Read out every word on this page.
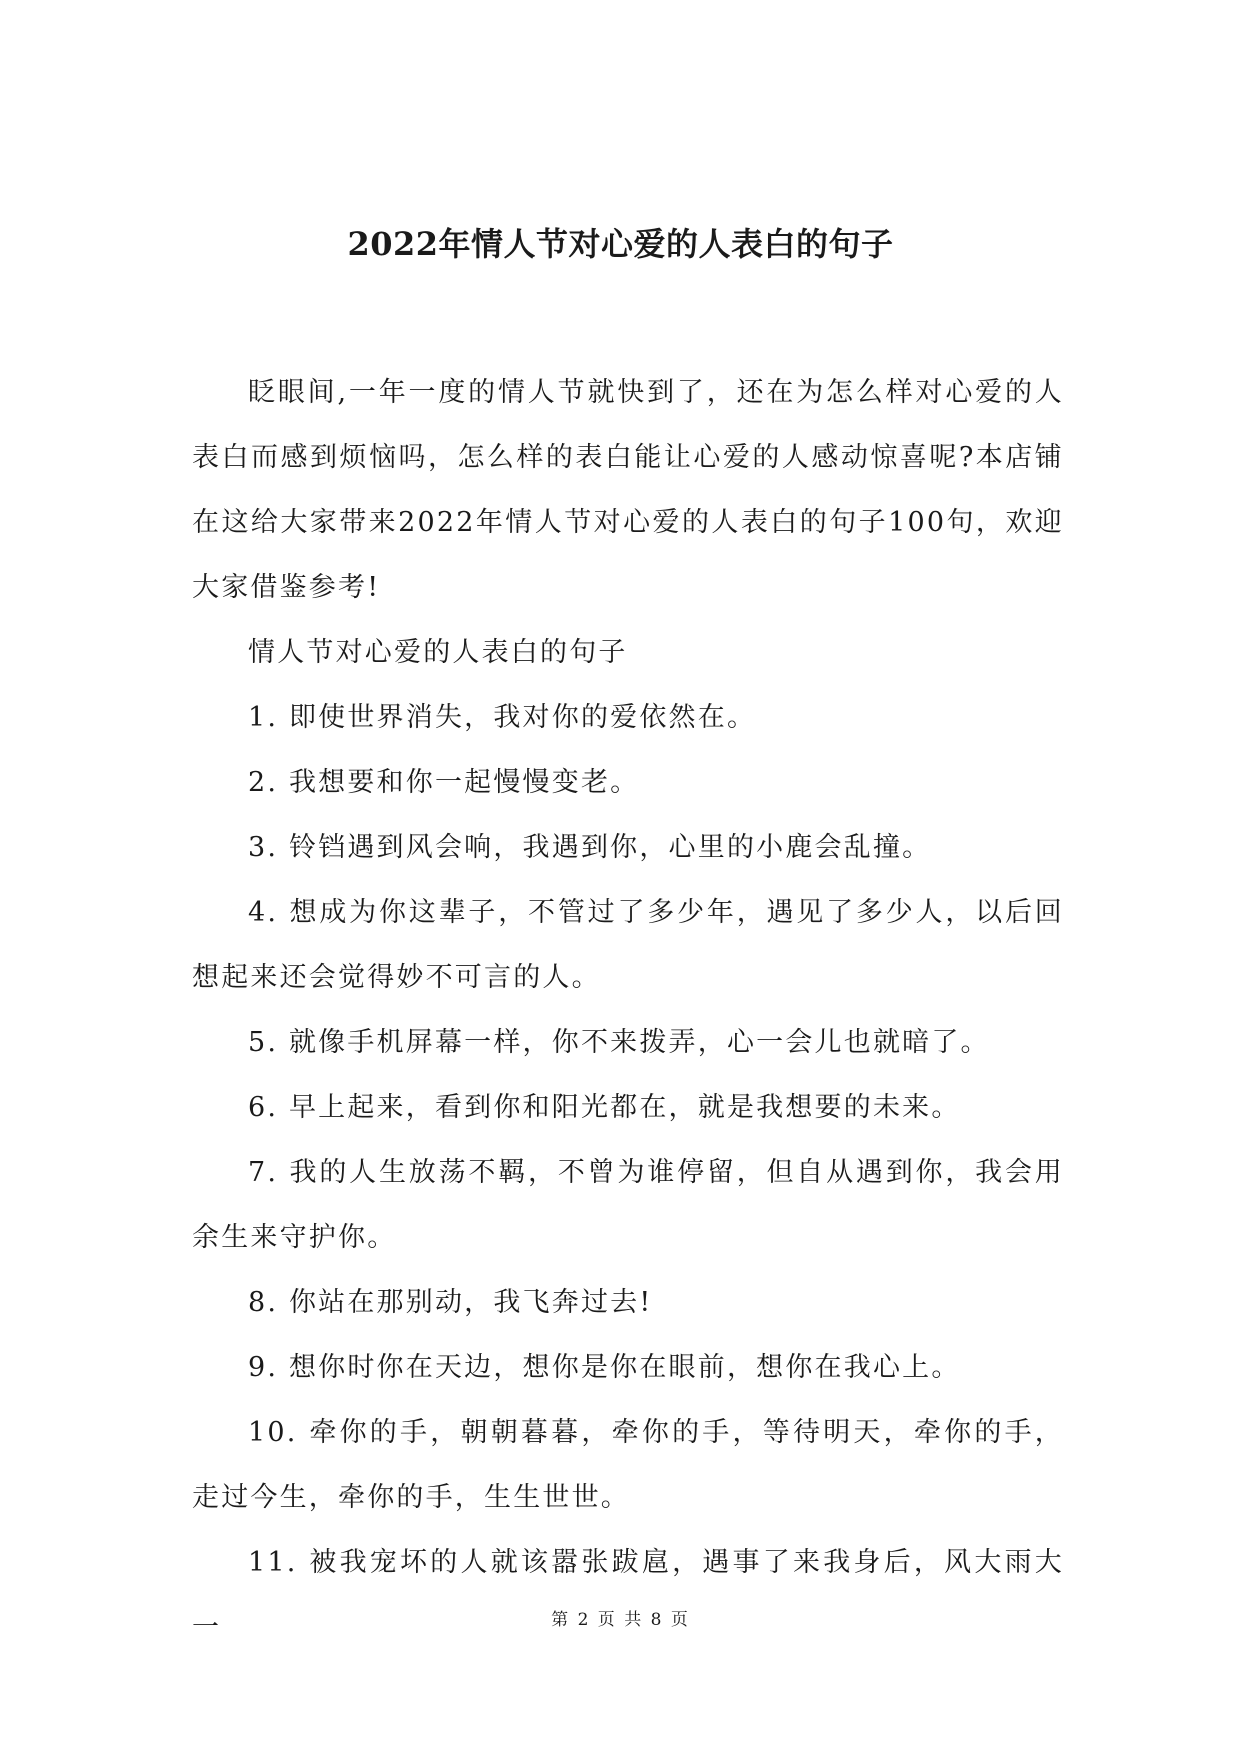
2022年情人节对心爱的人表白的句子

眨眼间,一年一度的情人节就快到了，还在为怎么样对心爱的人表白而感到烦恼吗，怎么样的表白能让心爱的人感动惊喜呢?本店铺在这给大家带来2022年情人节对心爱的人表白的句子100句，欢迎大家借鉴参考!

情人节对心爱的人表白的句子

1. 即使世界消失，我对你的爱依然在。

2. 我想要和你一起慢慢变老。

3. 铃铛遇到风会响，我遇到你，心里的小鹿会乱撞。

4. 想成为你这辈子，不管过了多少年，遇见了多少人，以后回想起来还会觉得妙不可言的人。

5. 就像手机屏幕一样，你不来拨弄，心一会儿也就暗了。

6. 早上起来，看到你和阳光都在，就是我想要的未来。

7. 我的人生放荡不羁，不曾为谁停留，但自从遇到你，我会用余生来守护你。

8. 你站在那别动，我飞奔过去!

9. 想你时你在天边，想你是你在眼前，想你在我心上。

10. 牵你的手，朝朝暮暮，牵你的手，等待明天，牵你的手，走过今生，牵你的手，生生世世。

11. 被我宠坏的人就该嚣张跋扈，遇事了来我身后，风大雨大一	第 2 页 共 8 页
